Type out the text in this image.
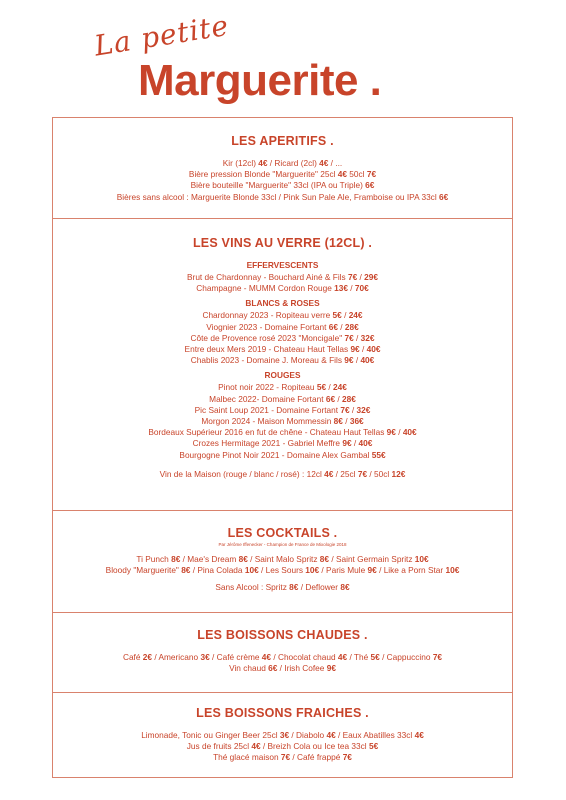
La petite
Marguerite .
LES APERITIFS .
Kir (12cl) 4€ / Ricard (2cl) 4€ / ...
Bière pression Blonde "Marguerite" 25cl 4€ 50cl 7€
Bière bouteille "Marguerite" 33cl (IPA ou Triple) 6€
Bières sans alcool : Marguerite Blonde 33cl / Pink Sun Pale Ale, Framboise ou IPA 33cl 6€
LES VINS AU VERRE (12CL) .
EFFERVESCENTS
Brut de Chardonnay - Bouchard Ainé & Fils 7€ / 29€
Champagne - MUMM Cordon Rouge 13€ / 70€
BLANCS & ROSES
Chardonnay 2023 - Ropiteau verre 5€ / 24€
Viognier 2023 - Domaine Fortant 6€ / 28€
Côte de Provence rosé 2023 "Moncigale" 7€ / 32€
Entre deux Mers 2019 - Chateau Haut Tellas 9€ / 40€
Chablis 2023 - Domaine J. Moreau & Fils 9€ / 40€
ROUGES
Pinot noir 2022 - Ropiteau 5€ / 24€
Malbec 2022- Domaine Fortant 6€ / 28€
Pic Saint Loup 2021 - Domaine Fortant 7€ / 32€
Morgon 2024 - Maison Mommessin 8€ / 36€
Bordeaux Supérieur 2016 en fut de chêne - Chateau Haut Tellas 9€ / 40€
Crozes Hermitage 2021 - Gabriel Meffre 9€ / 40€
Bourgogne Pinot Noir 2021 - Domaine Alex Gambal 55€
Vin de la Maison (rouge / blanc / rosé) : 12cl 4€ / 25cl 7€ / 50cl 12€
LES COCKTAILS .
Par Jérôme Iffenecker - Champion de France de Mixologie 2018
Ti Punch 8€ / Mae's Dream 8€ / Saint Malo Spritz 8€ / Saint Germain Spritz 10€
Bloody "Marguerite" 8€ / Pina Colada 10€ / Les Sours 10€ / Paris Mule 9€ / Like a Porn Star 10€
Sans Alcool : Spritz 8€ / Deflower 8€
LES BOISSONS CHAUDES .
Café 2€ / Americano 3€ / Café crème 4€ / Chocolat chaud 4€ / Thé 5€ / Cappuccino 7€
Vin chaud 6€ / Irish Cofee 9€
LES BOISSONS FRAICHES .
Limonade, Tonic ou Ginger Beer 25cl 3€ / Diabolo 4€ / Eaux Abatilles 33cl 4€
Jus de fruits 25cl 4€ / Breizh Cola ou Ice tea 33cl 5€
Thé glacé maison 7€ / Café frappé 7€
